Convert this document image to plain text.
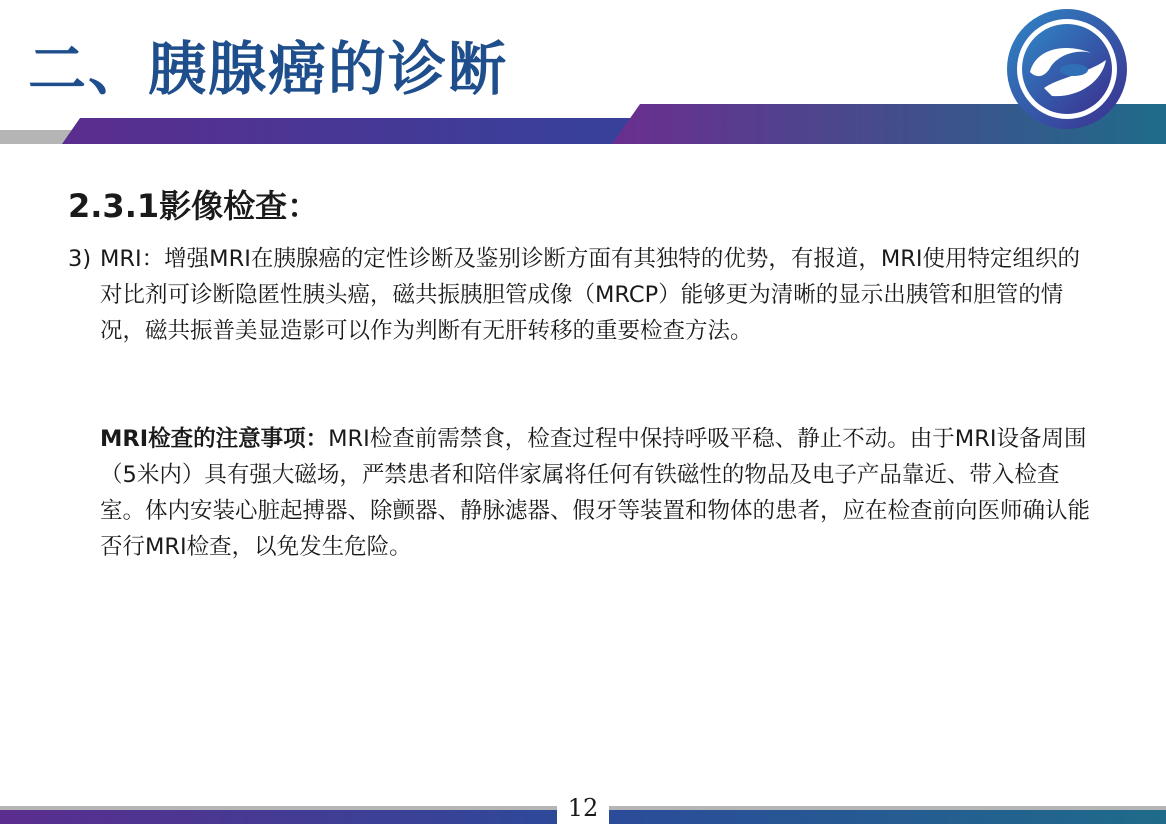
二、胰腺癌的诊断
2.3.1影像检查：
3) MRI：增强MRI在胰腺癌的定性诊断及鉴别诊断方面有其独特的优势，有报道，MRI使用特定组织的对比剂可诊断隐匿性胰头癌，磁共振胰胆管成像（MRCP）能够更为清晰的显示出胰管和胆管的情况，磁共振普美显造影可以作为判断有无肝转移的重要检查方法。
MRI检查的注意事项：MRI检查前需禁食，检查过程中保持呼吸平稳、静止不动。由于MRI设备周围（5米内）具有强大磁场，严禁患者和陪伴家属将任何有铁磁性的物品及电子产品靠近、带入检查室。体内安装心脏起搏器、除颤器、静脉滤器、假牙等装置和物体的患者，应在检查前向医师确认能否行MRI检查，以免发生危险。
12
